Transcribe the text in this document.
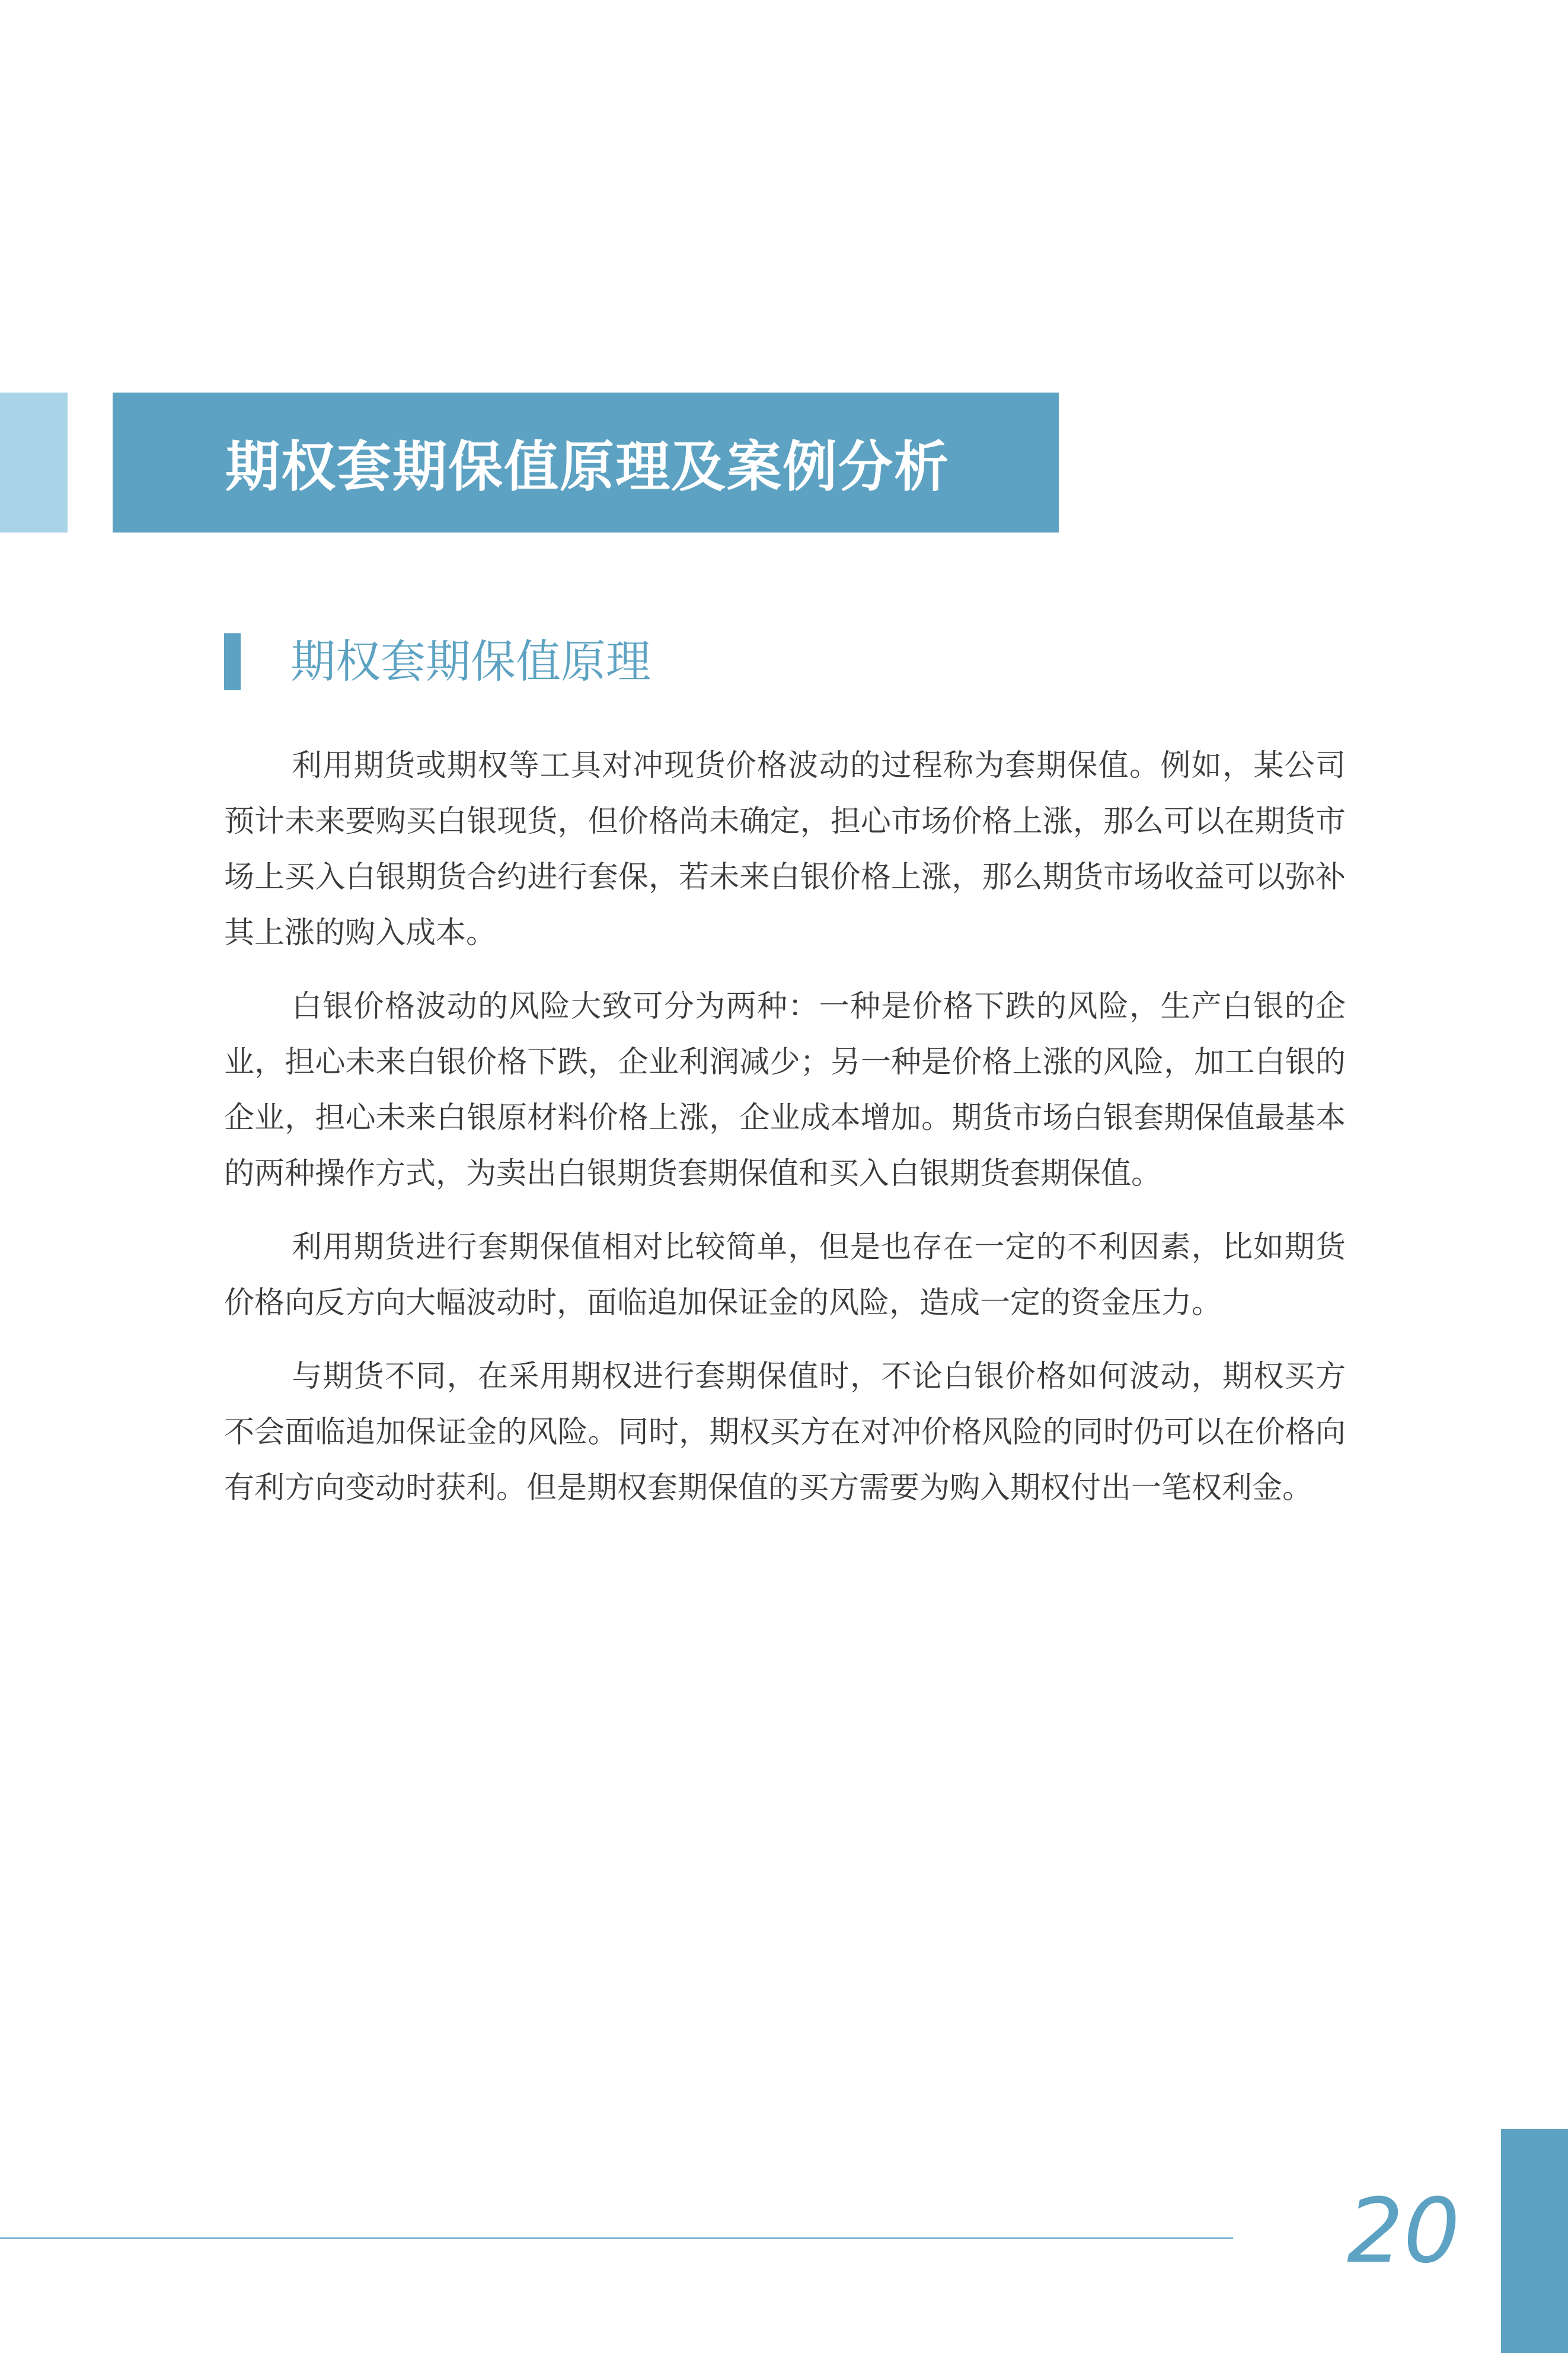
期权套期保值原理及案例分析
期权套期保值原理

利用期货或期权等工具对冲现货价格波动的过程称为套期保值。例如，某公司预计未来要购买白银现货，但价格尚未确定，担心市场价格上涨，那么可以在期货市场上买入白银期货合约进行套保，若未来白银价格上涨，那么期货市场收益可以弥补其上涨的购入成本。

白银价格波动的风险大致可分为两种：一种是价格下跌的风险，生产白银的企业，担心未来白银价格下跌，企业利润减少；另一种是价格上涨的风险，加工白银的企业，担心未来白银原材料价格上涨，企业成本增加。期货市场白银套期保值最基本的两种操作方式，为卖出白银期货套期保值和买入白银期货套期保值。

利用期货进行套期保值相对比较简单，但是也存在一定的不利因素，比如期货价格向反方向大幅波动时，面临追加保证金的风险，造成一定的资金压力。

与期货不同，在采用期权进行套期保值时，不论白银价格如何波动，期权买方不会面临追加保证金的风险。同时，期权买方在对冲价格风险的同时仍可以在价格向有利方向变动时获利。但是期权套期保值的买方需要为购入期权付出一笔权利金。

20
